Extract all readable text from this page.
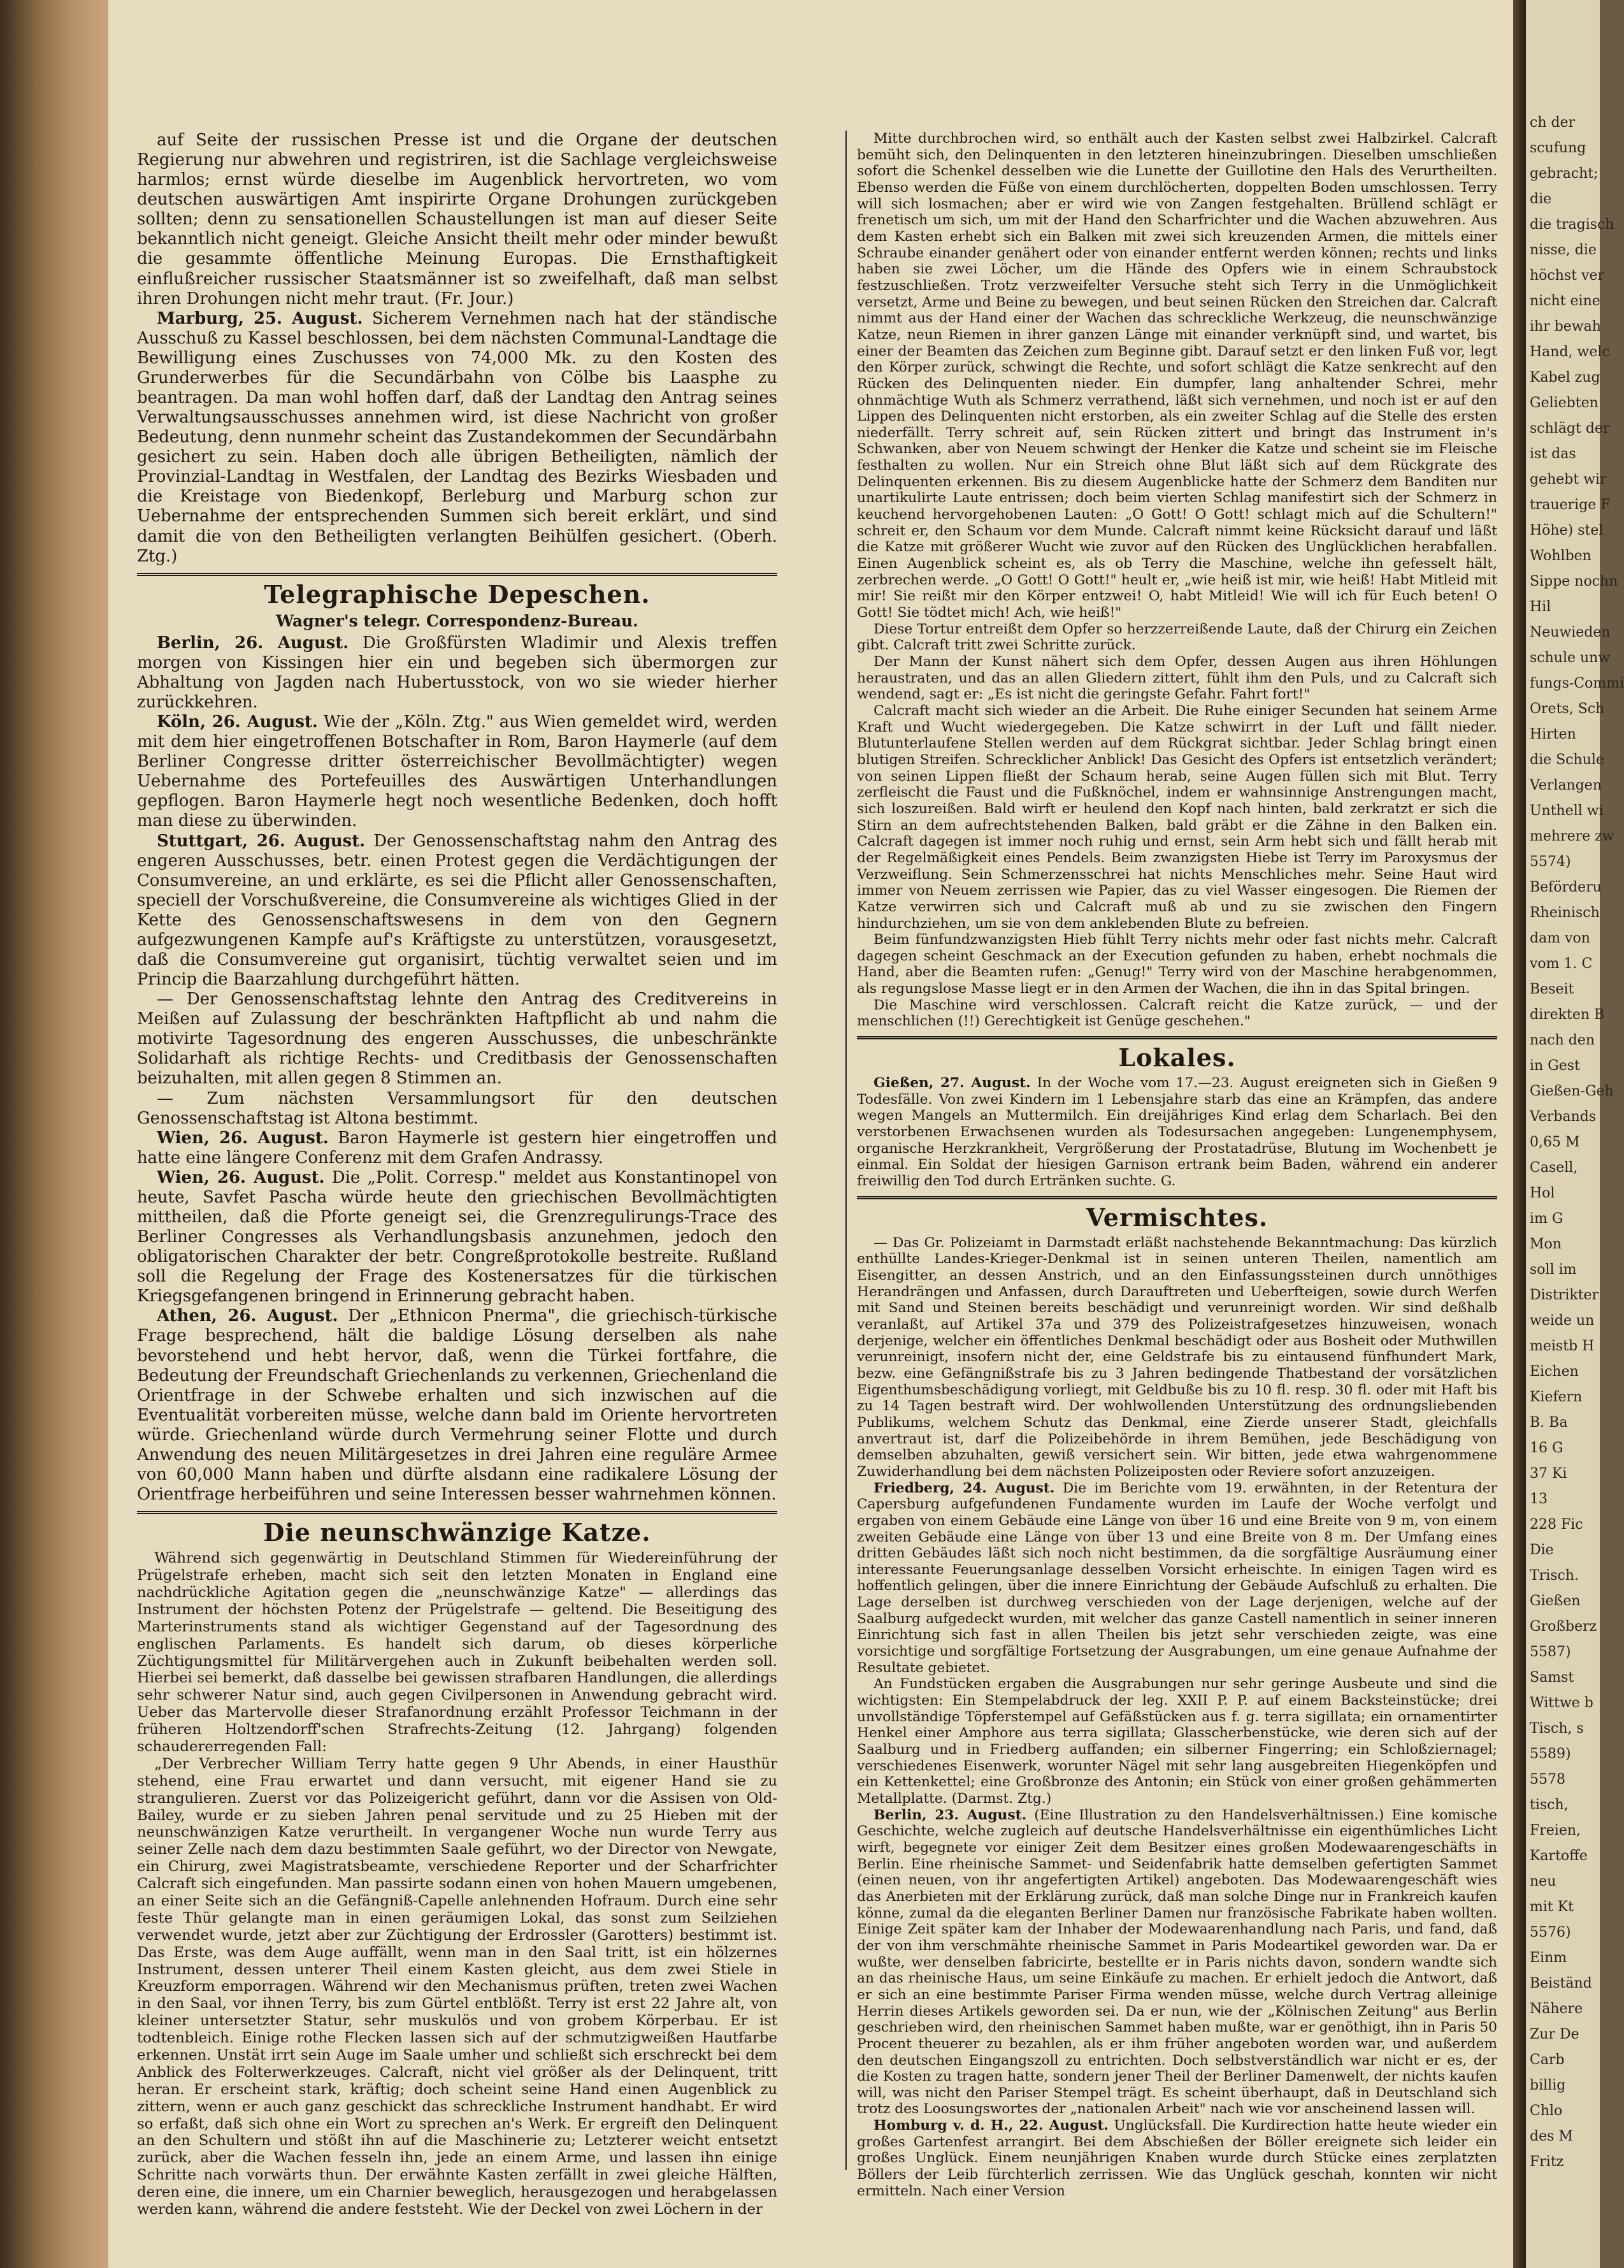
ch der
scufung
gebracht;
die
die tragisch
nisse, die
höchst ver
nicht eine
ihr bewah
Hand, welc
Kabel zug
Geliebten
schlägt der
ist das
gehebt wir
trauerige F
Höhe) stel
Wohlben
Sippe nochn
Hil
Neuwieden
schule unw
fungs-Commi
Orets, Sch
Hirten
die Schule
Verlangen
Unthell wi
mehrere zw
5574)
Beförderu
Rheinisch
dam von
vom 1. C
Beseit
direkten B
nach den
in Gest
Gießen-Geh
Verbands
0,65 M
Casell,
Hol
im G
Mon
soll im
Distrikter
weide un
meistb H
Eichen
Kiefern
B. Ba
16 G
37 Ki
13
228 Fic
Die
Trisch.
Gießen
Großberz
5587)
Samst
Wittwe b
Tisch, s
5589)
5578
tisch,
Freien,
Kartoffe
neu
mit Kt
5576)
Einm
Beiständ
Nähere
Zur De
Carb
billig
Chlo
des M
Fritz

auf Seite der russischen Presse ist und die Organe der deutschen Regierung nur abwehren und registriren, ist die Sachlage vergleichsweise harmlos; ernst würde dieselbe im Augenblick hervortreten, wo vom deutschen auswärtigen Amt inspirirte Organe Drohungen zurückgeben sollten; denn zu sensationellen Schaustellungen ist man auf dieser Seite bekanntlich nicht geneigt. Gleiche Ansicht theilt mehr oder minder bewußt die gesammte öffentliche Meinung Europas. Die Ernsthaftigkeit einflußreicher russischer Staatsmänner ist so zweifelhaft, daß man selbst ihren Drohungen nicht mehr traut. (Fr. Jour.)

Marburg, 25. August. Sicherem Vernehmen nach hat der ständische Ausschuß zu Kassel beschlossen, bei dem nächsten Communal-Landtage die Bewilligung eines Zuschusses von 74,000 Mk. zu den Kosten des Grunderwerbes für die Secundärbahn von Cölbe bis Laasphe zu beantragen. Da man wohl hoffen darf, daß der Landtag den Antrag seines Verwaltungsausschusses annehmen wird, ist diese Nachricht von großer Bedeutung, denn nunmehr scheint das Zustandekommen der Secundärbahn gesichert zu sein. Haben doch alle übrigen Betheiligten, nämlich der Provinzial-Landtag in Westfalen, der Landtag des Bezirks Wiesbaden und die Kreistage von Biedenkopf, Berleburg und Marburg schon zur Uebernahme der entsprechenden Summen sich bereit erklärt, und sind damit die von den Betheiligten verlangten Beihülfen gesichert. (Oberh. Ztg.)

Telegraphische Depeschen.
Wagner's telegr. Correspondenz-Bureau.

Berlin, 26. August. Die Großfürsten Wladimir und Alexis treffen morgen von Kissingen hier ein und begeben sich übermorgen zur Abhaltung von Jagden nach Hubertusstock, von wo sie wieder hierher zurückkehren.

Köln, 26. August. Wie der „Köln. Ztg." aus Wien gemeldet wird, werden mit dem hier eingetroffenen Botschafter in Rom, Baron Haymerle (auf dem Berliner Congresse dritter österreichischer Bevollmächtigter) wegen Uebernahme des Portefeuilles des Auswärtigen Unterhandlungen gepflogen. Baron Haymerle hegt noch wesentliche Bedenken, doch hofft man diese zu überwinden.

Stuttgart, 26. August. Der Genossenschaftstag nahm den Antrag des engeren Ausschusses, betr. einen Protest gegen die Verdächtigungen der Consumvereine, an und erklärte, es sei die Pflicht aller Genossenschaften, speciell der Vorschußvereine, die Consumvereine als wichtiges Glied in der Kette des Genossenschaftswesens in dem von den Gegnern aufgezwungenen Kampfe auf's Kräftigste zu unterstützen, vorausgesetzt, daß die Consumvereine gut organisirt, tüchtig verwaltet seien und im Princip die Baarzahlung durchgeführt hätten.

— Der Genossenschaftstag lehnte den Antrag des Creditvereins in Meißen auf Zulassung der beschränkten Haftpflicht ab und nahm die motivirte Tagesordnung des engeren Ausschusses, die unbeschränkte Solidarhaft als richtige Rechts- und Creditbasis der Genossenschaften beizuhalten, mit allen gegen 8 Stimmen an.

— Zum nächsten Versammlungsort für den deutschen Genossenschaftstag ist Altona bestimmt.

Wien, 26. August. Baron Haymerle ist gestern hier eingetroffen und hatte eine längere Conferenz mit dem Grafen Andrassy.

Wien, 26. August. Die „Polit. Corresp." meldet aus Konstantinopel von heute, Savfet Pascha würde heute den griechischen Bevollmächtigten mittheilen, daß die Pforte geneigt sei, die Grenzregulirungs-Trace des Berliner Congresses als Verhandlungsbasis anzunehmen, jedoch den obligatorischen Charakter der betr. Congreßprotokolle bestreite. Rußland soll die Regelung der Frage des Kostenersatzes für die türkischen Kriegsgefangenen bringend in Erinnerung gebracht haben.

Athen, 26. August. Der „Ethnicon Pnerma", die griechisch-türkische Frage besprechend, hält die baldige Lösung derselben als nahe bevorstehend und hebt hervor, daß, wenn die Türkei fortfahre, die Bedeutung der Freundschaft Griechenlands zu verkennen, Griechenland die Orientfrage in der Schwebe erhalten und sich inzwischen auf die Eventualität vorbereiten müsse, welche dann bald im Oriente hervortreten würde. Griechenland würde durch Vermehrung seiner Flotte und durch Anwendung des neuen Militärgesetzes in drei Jahren eine reguläre Armee von 60,000 Mann haben und dürfte alsdann eine radikalere Lösung der Orientfrage herbeiführen und seine Interessen besser wahrnehmen können.

Die neunschwänzige Katze.

Während sich gegenwärtig in Deutschland Stimmen für Wiedereinführung der Prügelstrafe erheben, macht sich seit den letzten Monaten in England eine nachdrückliche Agitation gegen die „neunschwänzige Katze" — allerdings das Instrument der höchsten Potenz der Prügelstrafe — geltend. Die Beseitigung des Marterinstruments stand als wichtiger Gegenstand auf der Tagesordnung des englischen Parlaments. Es handelt sich darum, ob dieses körperliche Züchtigungsmittel für Militärvergehen auch in Zukunft beibehalten werden soll. Hierbei sei bemerkt, daß dasselbe bei gewissen strafbaren Handlungen, die allerdings sehr schwerer Natur sind, auch gegen Civilpersonen in Anwendung gebracht wird. Ueber das Martervolle dieser Strafanordnung erzählt Professor Teichmann in der früheren Holtzendorff'schen Strafrechts-Zeitung (12. Jahrgang) folgenden schaudererregenden Fall:

„Der Verbrecher William Terry hatte gegen 9 Uhr Abends, in einer Hausthür stehend, eine Frau erwartet und dann versucht, mit eigener Hand sie zu strangulieren. Zuerst vor das Polizeigericht geführt, dann vor die Assisen von Old-Bailey, wurde er zu sieben Jahren penal servitude und zu 25 Hieben mit der neunschwänzigen Katze verurtheilt. In vergangener Woche nun wurde Terry aus seiner Zelle nach dem dazu bestimmten Saale geführt, wo der Director von Newgate, ein Chirurg, zwei Magistratsbeamte, verschiedene Reporter und der Scharfrichter Calcraft sich eingefunden. Man passirte sodann einen von hohen Mauern umgebenen, an einer Seite sich an die Gefängniß-Capelle anlehnenden Hofraum. Durch eine sehr feste Thür gelangte man in einen geräumigen Lokal, das sonst zum Seilziehen verwendet wurde, jetzt aber zur Züchtigung der Erdrossler (Garotters) bestimmt ist. Das Erste, was dem Auge auffällt, wenn man in den Saal tritt, ist ein hölzernes Instrument, dessen unterer Theil einem Kasten gleicht, aus dem zwei Stiele in Kreuzform emporragen. Während wir den Mechanismus prüften, treten zwei Wachen in den Saal, vor ihnen Terry, bis zum Gürtel entblößt. Terry ist erst 22 Jahre alt, von kleiner untersetzter Statur, sehr muskulös und von grobem Körperbau. Er ist todtenbleich. Einige rothe Flecken lassen sich auf der schmutzigweißen Hautfarbe erkennen. Unstät irrt sein Auge im Saale umher und schließt sich erschreckt bei dem Anblick des Folterwerkzeuges. Calcraft, nicht viel größer als der Delinquent, tritt heran. Er erscheint stark, kräftig; doch scheint seine Hand einen Augenblick zu zittern, wenn er auch ganz geschickt das schreckliche Instrument handhabt. Er wird so erfaßt, daß sich ohne ein Wort zu sprechen an's Werk. Er ergreift den Delinquent an den Schultern und stößt ihn auf die Maschinerie zu; Letzterer weicht entsetzt zurück, aber die Wachen fesseln ihn, jede an einem Arme, und lassen ihn einige Schritte nach vorwärts thun. Der erwähnte Kasten zerfällt in zwei gleiche Hälften, deren eine, die innere, um ein Charnier beweglich, herausgezogen und herabgelassen werden kann, während die andere feststeht. Wie der Deckel von zwei Löchern in der

Mitte durchbrochen wird, so enthält auch der Kasten selbst zwei Halbzirkel. Calcraft bemüht sich, den Delinquenten in den letzteren hineinzubringen. Dieselben umschließen sofort die Schenkel desselben wie die Lunette der Guillotine den Hals des Verurtheilten. Ebenso werden die Füße von einem durchlöcherten, doppelten Boden umschlossen. Terry will sich losmachen; aber er wird wie von Zangen festgehalten. Brüllend schlägt er frenetisch um sich, um mit der Hand den Scharfrichter und die Wachen abzuwehren. Aus dem Kasten erhebt sich ein Balken mit zwei sich kreuzenden Armen, die mittels einer Schraube einander genähert oder von einander entfernt werden können; rechts und links haben sie zwei Löcher, um die Hände des Opfers wie in einem Schraubstock festzuschließen. Trotz verzweifelter Versuche steht sich Terry in die Unmöglichkeit versetzt, Arme und Beine zu bewegen, und beut seinen Rücken den Streichen dar. Calcraft nimmt aus der Hand einer der Wachen das schreckliche Werkzeug, die neunschwänzige Katze, neun Riemen in ihrer ganzen Länge mit einander verknüpft sind, und wartet, bis einer der Beamten das Zeichen zum Beginne gibt. Darauf setzt er den linken Fuß vor, legt den Körper zurück, schwingt die Rechte, und sofort schlägt die Katze senkrecht auf den Rücken des Delinquenten nieder. Ein dumpfer, lang anhaltender Schrei, mehr ohnmächtige Wuth als Schmerz verrathend, läßt sich vernehmen, und noch ist er auf den Lippen des Delinquenten nicht erstorben, als ein zweiter Schlag auf die Stelle des ersten niederfällt. Terry schreit auf, sein Rücken zittert und bringt das Instrument in's Schwanken, aber von Neuem schwingt der Henker die Katze und scheint sie im Fleische festhalten zu wollen. Nur ein Streich ohne Blut läßt sich auf dem Rückgrate des Delinquenten erkennen. Bis zu diesem Augenblicke hatte der Schmerz dem Banditen nur unartikulirte Laute entrissen; doch beim vierten Schlag manifestirt sich der Schmerz in keuchend hervorgehobenen Lauten: „O Gott! O Gott! schlagt mich auf die Schultern!" schreit er, den Schaum vor dem Munde. Calcraft nimmt keine Rücksicht darauf und läßt die Katze mit größerer Wucht wie zuvor auf den Rücken des Unglücklichen herabfallen. Einen Augenblick scheint es, als ob Terry die Maschine, welche ihn gefesselt hält, zerbrechen werde. „O Gott! O Gott!" heult er, „wie heiß ist mir, wie heiß! Habt Mitleid mit mir! Sie reißt mir den Körper entzwei! O, habt Mitleid! Wie will ich für Euch beten! O Gott! Sie tödtet mich! Ach, wie heiß!"

Diese Tortur entreißt dem Opfer so herzzerreißende Laute, daß der Chirurg ein Zeichen gibt. Calcraft tritt zwei Schritte zurück.

Der Mann der Kunst nähert sich dem Opfer, dessen Augen aus ihren Höhlungen heraustraten, und das an allen Gliedern zittert, fühlt ihm den Puls, und zu Calcraft sich wendend, sagt er: „Es ist nicht die geringste Gefahr. Fahrt fort!"

Calcraft macht sich wieder an die Arbeit. Die Ruhe einiger Secunden hat seinem Arme Kraft und Wucht wiedergegeben. Die Katze schwirrt in der Luft und fällt nieder. Blutunterlaufene Stellen werden auf dem Rückgrat sichtbar. Jeder Schlag bringt einen blutigen Streifen. Schrecklicher Anblick! Das Gesicht des Opfers ist entsetzlich verändert; von seinen Lippen fließt der Schaum herab, seine Augen füllen sich mit Blut. Terry zerfleischt die Faust und die Fußknöchel, indem er wahnsinnige Anstrengungen macht, sich loszureißen. Bald wirft er heulend den Kopf nach hinten, bald zerkratzt er sich die Stirn an dem aufrechtstehenden Balken, bald gräbt er die Zähne in den Balken ein. Calcraft dagegen ist immer noch ruhig und ernst, sein Arm hebt sich und fällt herab mit der Regelmäßigkeit eines Pendels. Beim zwanzigsten Hiebe ist Terry im Paroxysmus der Verzweiflung. Sein Schmerzensschrei hat nichts Menschliches mehr. Seine Haut wird immer von Neuem zerrissen wie Papier, das zu viel Wasser eingesogen. Die Riemen der Katze verwirren sich und Calcraft muß ab und zu sie zwischen den Fingern hindurchziehen, um sie von dem anklebenden Blute zu befreien.

Beim fünfundzwanzigsten Hieb fühlt Terry nichts mehr oder fast nichts mehr. Calcraft dagegen scheint Geschmack an der Execution gefunden zu haben, erhebt nochmals die Hand, aber die Beamten rufen: „Genug!" Terry wird von der Maschine herabgenommen, als regungslose Masse liegt er in den Armen der Wachen, die ihn in das Spital bringen.

Die Maschine wird verschlossen. Calcraft reicht die Katze zurück, — und der menschlichen (!!) Gerechtigkeit ist Genüge geschehen."

Lokales.

Gießen, 27. August. In der Woche vom 17.—23. August ereigneten sich in Gießen 9 Todesfälle. Von zwei Kindern im 1 Lebensjahre starb das eine an Krämpfen, das andere wegen Mangels an Muttermilch. Ein dreijähriges Kind erlag dem Scharlach. Bei den verstorbenen Erwachsenen wurden als Todesursachen angegeben: Lungenemphysem, organische Herzkrankheit, Vergrößerung der Prostatadrüse, Blutung im Wochenbett je einmal. Ein Soldat der hiesigen Garnison ertrank beim Baden, während ein anderer freiwillig den Tod durch Ertränken suchte. G.

Vermischtes.

— Das Gr. Polizeiamt in Darmstadt erläßt nachstehende Bekanntmachung: Das kürzlich enthüllte Landes-Krieger-Denkmal ist in seinen unteren Theilen, namentlich am Eisengitter, an dessen Anstrich, und an den Einfassungssteinen durch unnöthiges Herandrängen und Anfassen, durch Darauftreten und Ueberfteigen, sowie durch Werfen mit Sand und Steinen bereits beschädigt und verunreinigt worden. Wir sind deßhalb veranlaßt, auf Artikel 37a und 379 des Polizeistrafgesetzes hinzuweisen, wonach derjenige, welcher ein öffentliches Denkmal beschädigt oder aus Bosheit oder Muthwillen verunreinigt, insofern nicht der, eine Geldstrafe bis zu eintausend fünfhundert Mark, bezw. eine Gefängnißstrafe bis zu 3 Jahren bedingende Thatbestand der vorsätzlichen Eigenthumsbeschädigung vorliegt, mit Geldbuße bis zu 10 fl. resp. 30 fl. oder mit Haft bis zu 14 Tagen bestraft wird. Der wohlwollenden Unterstützung des ordnungsliebenden Publikums, welchem Schutz das Denkmal, eine Zierde unserer Stadt, gleichfalls anvertraut ist, darf die Polizeibehörde in ihrem Bemühen, jede Beschädigung von demselben abzuhalten, gewiß versichert sein. Wir bitten, jede etwa wahrgenommene Zuwiderhandlung bei dem nächsten Polizeiposten oder Reviere sofort anzuzeigen.

Friedberg, 24. August. Die im Berichte vom 19. erwähnten, in der Retentura der Capersburg aufgefundenen Fundamente wurden im Laufe der Woche verfolgt und ergaben von einem Gebäude eine Länge von über 16 und eine Breite von 9 m, von einem zweiten Gebäude eine Länge von über 13 und eine Breite von 8 m. Der Umfang eines dritten Gebäudes läßt sich noch nicht bestimmen, da die sorgfältige Ausräumung einer interessante Feuerungsanlage desselben Vorsicht erheischte. In einigen Tagen wird es hoffentlich gelingen, über die innere Einrichtung der Gebäude Aufschluß zu erhalten. Die Lage derselben ist durchweg verschieden von der Lage derjenigen, welche auf der Saalburg aufgedeckt wurden, mit welcher das ganze Castell namentlich in seiner inneren Einrichtung sich fast in allen Theilen bis jetzt sehr verschieden zeigte, was eine vorsichtige und sorgfältige Fortsetzung der Ausgrabungen, um eine genaue Aufnahme der Resultate gebietet.

An Fundstücken ergaben die Ausgrabungen nur sehr geringe Ausbeute und sind die wichtigsten: Ein Stempelabdruck der leg. XXII P. P. auf einem Backsteinstücke; drei unvollständige Töpferstempel auf Gefäßstücken aus f. g. terra sigillata; ein ornamentirter Henkel einer Amphore aus terra sigillata; Glasscherbenstücke, wie deren sich auf der Saalburg und in Friedberg auffanden; ein silberner Fingerring; ein Schloßziernagel; verschiedenes Eisenwerk, worunter Nägel mit sehr lang ausgebreiten Hiegenköpfen und ein Kettenkettel; eine Großbronze des Antonin; ein Stück von einer großen gehämmerten Metallplatte. (Darmst. Ztg.)

Berlin, 23. August. (Eine Illustration zu den Handelsverhältnissen.) Eine komische Geschichte, welche zugleich auf deutsche Handelsverhältnisse ein eigenthümliches Licht wirft, begegnete vor einiger Zeit dem Besitzer eines großen Modewaarengeschäfts in Berlin. Eine rheinische Sammet- und Seidenfabrik hatte demselben gefertigten Sammet (einen neuen, von ihr angefertigten Artikel) angeboten. Das Modewaarengeschäft wies das Anerbieten mit der Erklärung zurück, daß man solche Dinge nur in Frankreich kaufen könne, zumal da die eleganten Berliner Damen nur französische Fabrikate haben wollten. Einige Zeit später kam der Inhaber der Modewaarenhandlung nach Paris, und fand, daß der von ihm verschmähte rheinische Sammet in Paris Modeartikel geworden war. Da er wußte, wer denselben fabricirte, bestellte er in Paris nichts davon, sondern wandte sich an das rheinische Haus, um seine Einkäufe zu machen. Er erhielt jedoch die Antwort, daß er sich an eine bestimmte Pariser Firma wenden müsse, welche durch Vertrag alleinige Herrin dieses Artikels geworden sei. Da er nun, wie der „Kölnischen Zeitung" aus Berlin geschrieben wird, den rheinischen Sammet haben mußte, war er genöthigt, ihn in Paris 50 Procent theuerer zu bezahlen, als er ihm früher angeboten worden war, und außerdem den deutschen Eingangszoll zu entrichten. Doch selbstverständlich war nicht er es, der die Kosten zu tragen hatte, sondern jener Theil der Berliner Damenwelt, der nichts kaufen will, was nicht den Pariser Stempel trägt. Es scheint überhaupt, daß in Deutschland sich trotz des Loosungswortes der „nationalen Arbeit" nach wie vor anscheinend lassen will.

Homburg v. d. H., 22. August. Unglücksfall. Die Kurdirection hatte heute wieder ein großes Gartenfest arrangirt. Bei dem Abschießen der Böller ereignete sich leider ein großes Unglück. Einem neunjährigen Knaben wurde durch Stücke eines zerplatzten Böllers der Leib fürchterlich zerrissen. Wie das Unglück geschah, konnten wir nicht ermitteln. Nach einer Version
